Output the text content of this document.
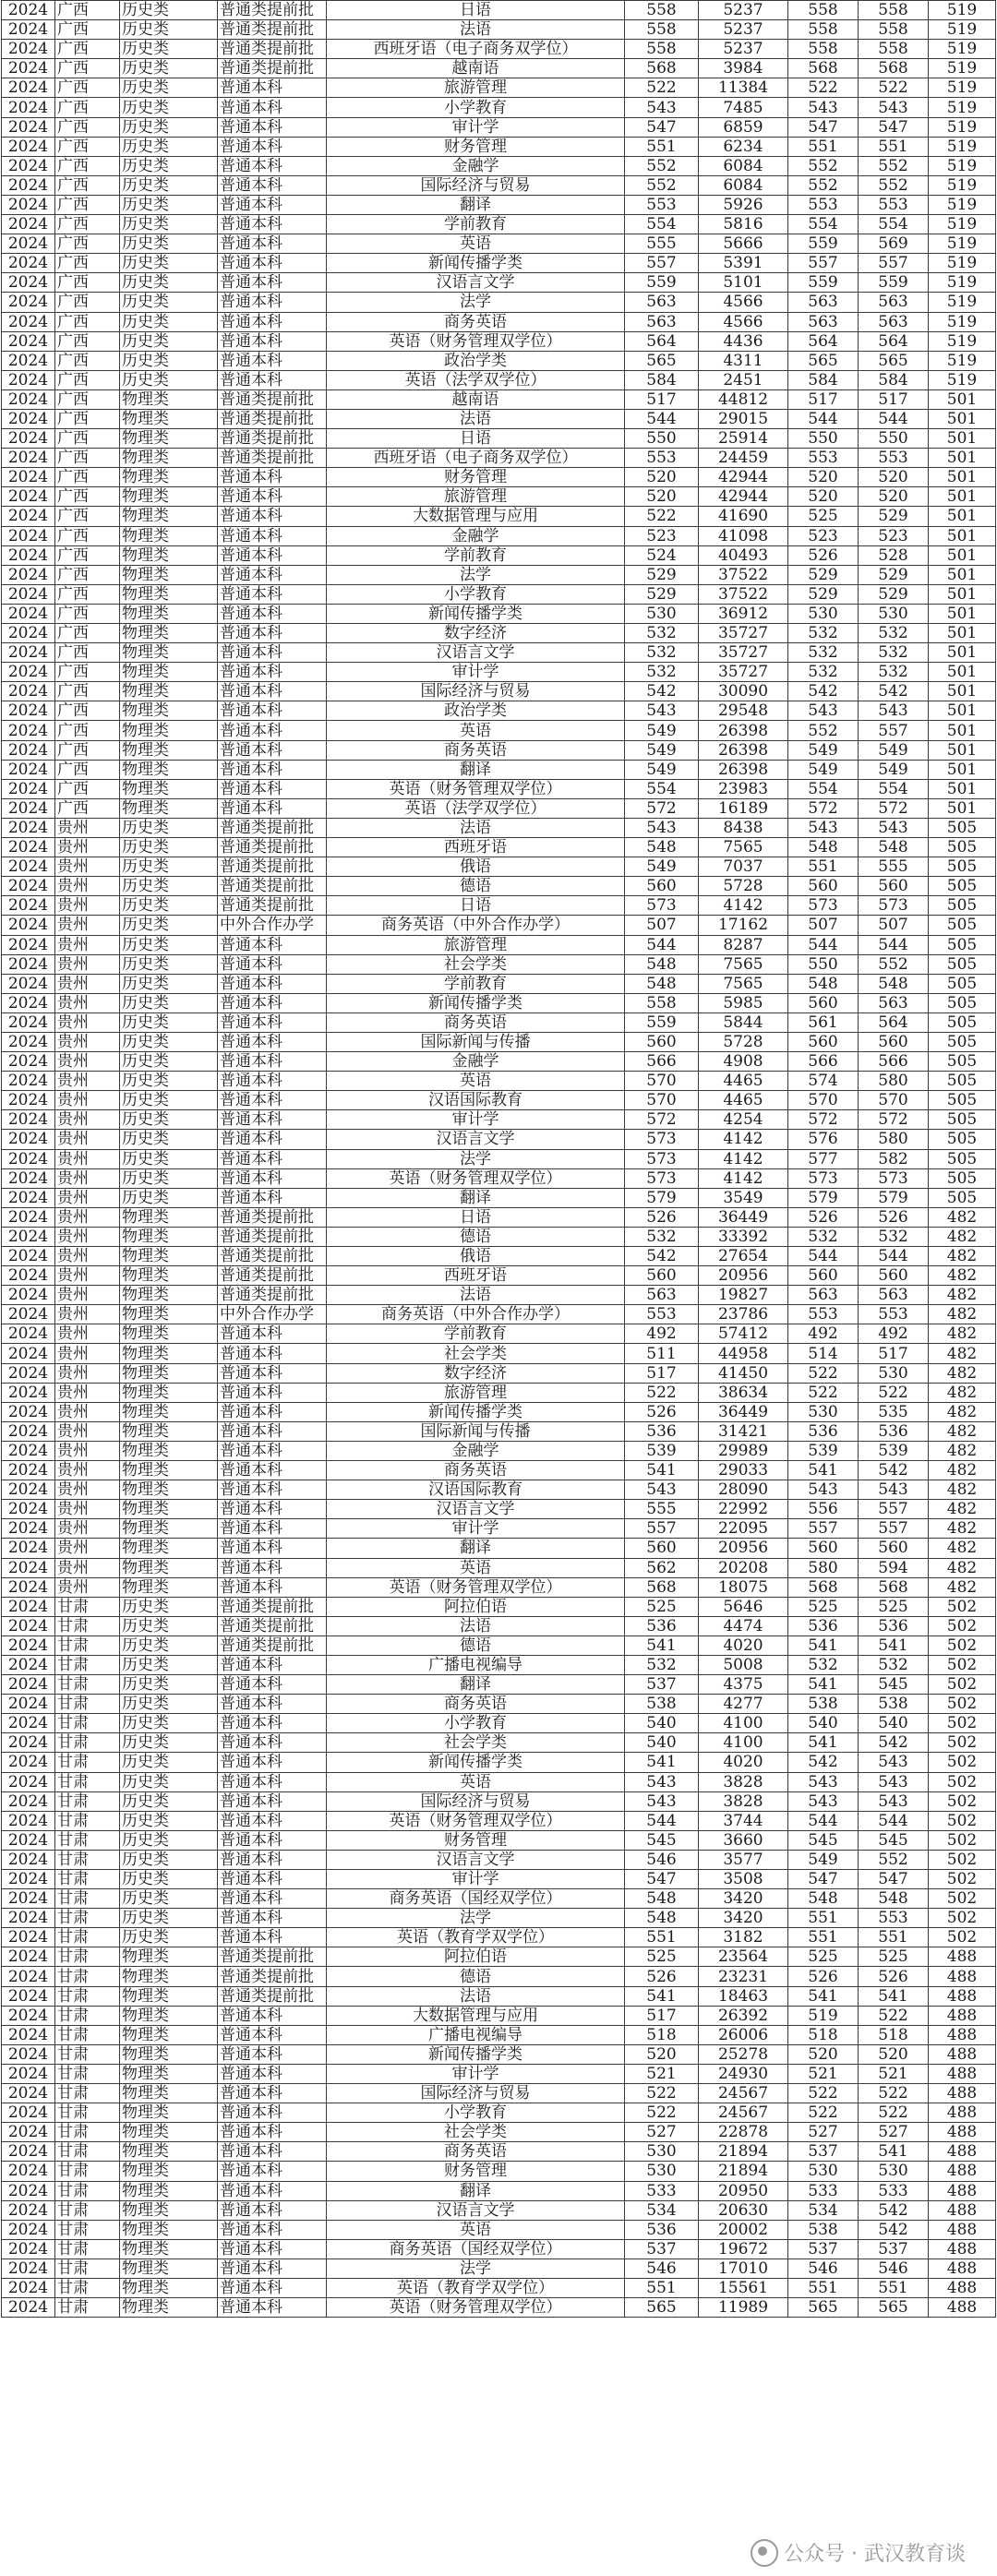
2024	广西	历史类	普通类提前批	日语	558	5237	558	558	519
2024	广西	历史类	普通类提前批	法语	558	5237	558	558	519
2024	广西	历史类	普通类提前批	西班牙语（电子商务双学位）	558	5237	558	558	519
2024	广西	历史类	普通类提前批	越南语	568	3984	568	568	519
2024	广西	历史类	普通本科	旅游管理	522	11384	522	522	519
2024	广西	历史类	普通本科	小学教育	543	7485	543	543	519
2024	广西	历史类	普通本科	审计学	547	6859	547	547	519
2024	广西	历史类	普通本科	财务管理	551	6234	551	551	519
2024	广西	历史类	普通本科	金融学	552	6084	552	552	519
2024	广西	历史类	普通本科	国际经济与贸易	552	6084	552	552	519
2024	广西	历史类	普通本科	翻译	553	5926	553	553	519
2024	广西	历史类	普通本科	学前教育	554	5816	554	554	519
2024	广西	历史类	普通本科	英语	555	5666	559	569	519
2024	广西	历史类	普通本科	新闻传播学类	557	5391	557	557	519
2024	广西	历史类	普通本科	汉语言文学	559	5101	559	559	519
2024	广西	历史类	普通本科	法学	563	4566	563	563	519
2024	广西	历史类	普通本科	商务英语	563	4566	563	563	519
2024	广西	历史类	普通本科	英语（财务管理双学位）	564	4436	564	564	519
2024	广西	历史类	普通本科	政治学类	565	4311	565	565	519
2024	广西	历史类	普通本科	英语（法学双学位）	584	2451	584	584	519
2024	广西	物理类	普通类提前批	越南语	517	44812	517	517	501
2024	广西	物理类	普通类提前批	法语	544	29015	544	544	501
2024	广西	物理类	普通类提前批	日语	550	25914	550	550	501
2024	广西	物理类	普通类提前批	西班牙语（电子商务双学位）	553	24459	553	553	501
2024	广西	物理类	普通本科	财务管理	520	42944	520	520	501
2024	广西	物理类	普通本科	旅游管理	520	42944	520	520	501
2024	广西	物理类	普通本科	大数据管理与应用	522	41690	525	529	501
2024	广西	物理类	普通本科	金融学	523	41098	523	523	501
2024	广西	物理类	普通本科	学前教育	524	40493	526	528	501
2024	广西	物理类	普通本科	法学	529	37522	529	529	501
2024	广西	物理类	普通本科	小学教育	529	37522	529	529	501
2024	广西	物理类	普通本科	新闻传播学类	530	36912	530	530	501
2024	广西	物理类	普通本科	数字经济	532	35727	532	532	501
2024	广西	物理类	普通本科	汉语言文学	532	35727	532	532	501
2024	广西	物理类	普通本科	审计学	532	35727	532	532	501
2024	广西	物理类	普通本科	国际经济与贸易	542	30090	542	542	501
2024	广西	物理类	普通本科	政治学类	543	29548	543	543	501
2024	广西	物理类	普通本科	英语	549	26398	552	557	501
2024	广西	物理类	普通本科	商务英语	549	26398	549	549	501
2024	广西	物理类	普通本科	翻译	549	26398	549	549	501
2024	广西	物理类	普通本科	英语（财务管理双学位）	554	23983	554	554	501
2024	广西	物理类	普通本科	英语（法学双学位）	572	16189	572	572	501
2024	贵州	历史类	普通类提前批	法语	543	8438	543	543	505
2024	贵州	历史类	普通类提前批	西班牙语	548	7565	548	548	505
2024	贵州	历史类	普通类提前批	俄语	549	7037	551	555	505
2024	贵州	历史类	普通类提前批	德语	560	5728	560	560	505
2024	贵州	历史类	普通类提前批	日语	573	4142	573	573	505
2024	贵州	历史类	中外合作办学	商务英语（中外合作办学）	507	17162	507	507	505
2024	贵州	历史类	普通本科	旅游管理	544	8287	544	544	505
2024	贵州	历史类	普通本科	社会学类	548	7565	550	552	505
2024	贵州	历史类	普通本科	学前教育	548	7565	548	548	505
2024	贵州	历史类	普通本科	新闻传播学类	558	5985	560	563	505
2024	贵州	历史类	普通本科	商务英语	559	5844	561	564	505
2024	贵州	历史类	普通本科	国际新闻与传播	560	5728	560	560	505
2024	贵州	历史类	普通本科	金融学	566	4908	566	566	505
2024	贵州	历史类	普通本科	英语	570	4465	574	580	505
2024	贵州	历史类	普通本科	汉语国际教育	570	4465	570	570	505
2024	贵州	历史类	普通本科	审计学	572	4254	572	572	505
2024	贵州	历史类	普通本科	汉语言文学	573	4142	576	580	505
2024	贵州	历史类	普通本科	法学	573	4142	577	582	505
2024	贵州	历史类	普通本科	英语（财务管理双学位）	573	4142	573	573	505
2024	贵州	历史类	普通本科	翻译	579	3549	579	579	505
2024	贵州	物理类	普通类提前批	日语	526	36449	526	526	482
2024	贵州	物理类	普通类提前批	德语	532	33392	532	532	482
2024	贵州	物理类	普通类提前批	俄语	542	27654	544	544	482
2024	贵州	物理类	普通类提前批	西班牙语	560	20956	560	560	482
2024	贵州	物理类	普通类提前批	法语	563	19827	563	563	482
2024	贵州	物理类	中外合作办学	商务英语（中外合作办学）	553	23786	553	553	482
2024	贵州	物理类	普通本科	学前教育	492	57412	492	492	482
2024	贵州	物理类	普通本科	社会学类	511	44958	514	517	482
2024	贵州	物理类	普通本科	数字经济	517	41450	522	530	482
2024	贵州	物理类	普通本科	旅游管理	522	38634	522	522	482
2024	贵州	物理类	普通本科	新闻传播学类	526	36449	530	535	482
2024	贵州	物理类	普通本科	国际新闻与传播	536	31421	536	536	482
2024	贵州	物理类	普通本科	金融学	539	29989	539	539	482
2024	贵州	物理类	普通本科	商务英语	541	29033	541	542	482
2024	贵州	物理类	普通本科	汉语国际教育	543	28090	543	543	482
2024	贵州	物理类	普通本科	汉语言文学	555	22992	556	557	482
2024	贵州	物理类	普通本科	审计学	557	22095	557	557	482
2024	贵州	物理类	普通本科	翻译	560	20956	560	560	482
2024	贵州	物理类	普通本科	英语	562	20208	580	594	482
2024	贵州	物理类	普通本科	英语（财务管理双学位）	568	18075	568	568	482
2024	甘肃	历史类	普通类提前批	阿拉伯语	525	5646	525	525	502
2024	甘肃	历史类	普通类提前批	法语	536	4474	536	536	502
2024	甘肃	历史类	普通类提前批	德语	541	4020	541	541	502
2024	甘肃	历史类	普通本科	广播电视编导	532	5008	532	532	502
2024	甘肃	历史类	普通本科	翻译	537	4375	541	545	502
2024	甘肃	历史类	普通本科	商务英语	538	4277	538	538	502
2024	甘肃	历史类	普通本科	小学教育	540	4100	540	540	502
2024	甘肃	历史类	普通本科	社会学类	540	4100	541	542	502
2024	甘肃	历史类	普通本科	新闻传播学类	541	4020	542	543	502
2024	甘肃	历史类	普通本科	英语	543	3828	543	543	502
2024	甘肃	历史类	普通本科	国际经济与贸易	543	3828	543	543	502
2024	甘肃	历史类	普通本科	英语（财务管理双学位）	544	3744	544	544	502
2024	甘肃	历史类	普通本科	财务管理	545	3660	545	545	502
2024	甘肃	历史类	普通本科	汉语言文学	546	3577	549	552	502
2024	甘肃	历史类	普通本科	审计学	547	3508	547	547	502
2024	甘肃	历史类	普通本科	商务英语（国经双学位）	548	3420	548	548	502
2024	甘肃	历史类	普通本科	法学	548	3420	551	553	502
2024	甘肃	历史类	普通本科	英语（教育学双学位）	551	3182	551	551	502
2024	甘肃	物理类	普通类提前批	阿拉伯语	525	23564	525	525	488
2024	甘肃	物理类	普通类提前批	德语	526	23231	526	526	488
2024	甘肃	物理类	普通类提前批	法语	541	18463	541	541	488
2024	甘肃	物理类	普通本科	大数据管理与应用	517	26392	519	522	488
2024	甘肃	物理类	普通本科	广播电视编导	518	26006	518	518	488
2024	甘肃	物理类	普通本科	新闻传播学类	520	25278	520	520	488
2024	甘肃	物理类	普通本科	审计学	521	24930	521	521	488
2024	甘肃	物理类	普通本科	国际经济与贸易	522	24567	522	522	488
2024	甘肃	物理类	普通本科	小学教育	522	24567	522	522	488
2024	甘肃	物理类	普通本科	社会学类	527	22878	527	527	488
2024	甘肃	物理类	普通本科	商务英语	530	21894	537	541	488
2024	甘肃	物理类	普通本科	财务管理	530	21894	530	530	488
2024	甘肃	物理类	普通本科	翻译	533	20950	533	533	488
2024	甘肃	物理类	普通本科	汉语言文学	534	20630	534	542	488
2024	甘肃	物理类	普通本科	英语	536	20002	538	542	488
2024	甘肃	物理类	普通本科	商务英语（国经双学位）	537	19672	537	537	488
2024	甘肃	物理类	普通本科	法学	546	17010	546	546	488
2024	甘肃	物理类	普通本科	英语（教育学双学位）	551	15561	551	551	488
2024	甘肃	物理类	普通本科	英语（财务管理双学位）	565	11989	565	565	488
公众号 · 武汉教育谈
